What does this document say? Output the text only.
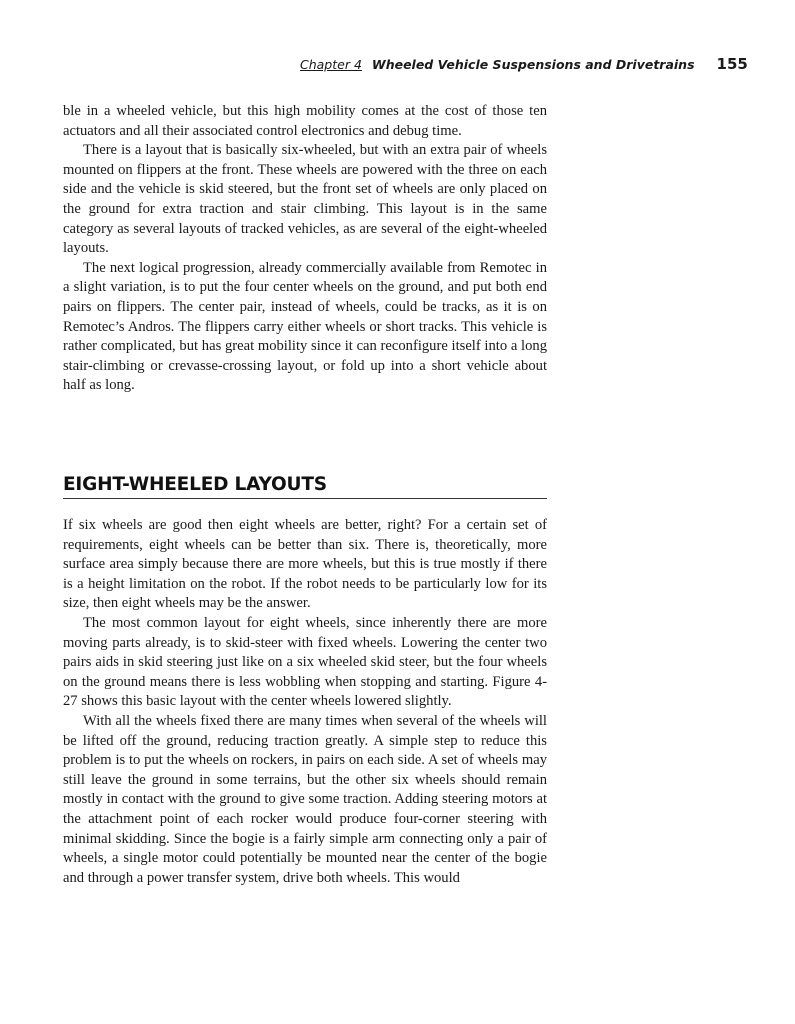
Chapter 4 Wheeled Vehicle Suspensions and Drivetrains 155

ble in a wheeled vehicle, but this high mobility comes at the cost of those ten actuators and all their associated control electronics and debug time.

There is a layout that is basically six-wheeled, but with an extra pair of wheels mounted on flippers at the front. These wheels are powered with the three on each side and the vehicle is skid steered, but the front set of wheels are only placed on the ground for extra traction and stair climbing. This layout is in the same category as several layouts of tracked vehicles, as are several of the eight-wheeled layouts.

The next logical progression, already commercially available from Remotec in a slight variation, is to put the four center wheels on the ground, and put both end pairs on flippers. The center pair, instead of wheels, could be tracks, as it is on Remotec’s Andros. The flippers carry either wheels or short tracks. This vehicle is rather complicated, but has great mobility since it can reconfigure itself into a long stair-climbing or crevasse-crossing layout, or fold up into a short vehicle about half as long.

EIGHT-WHEELED LAYOUTS

If six wheels are good then eight wheels are better, right? For a certain set of requirements, eight wheels can be better than six. There is, theoretically, more surface area simply because there are more wheels, but this is true mostly if there is a height limitation on the robot. If the robot needs to be particularly low for its size, then eight wheels may be the answer.

The most common layout for eight wheels, since inherently there are more moving parts already, is to skid-steer with fixed wheels. Lowering the center two pairs aids in skid steering just like on a six wheeled skid steer, but the four wheels on the ground means there is less wobbling when stopping and starting. Figure 4-27 shows this basic layout with the center wheels lowered slightly.

With all the wheels fixed there are many times when several of the wheels will be lifted off the ground, reducing traction greatly. A simple step to reduce this problem is to put the wheels on rockers, in pairs on each side. A set of wheels may still leave the ground in some terrains, but the other six wheels should remain mostly in contact with the ground to give some traction. Adding steering motors at the attachment point of each rocker would produce four-corner steering with minimal skidding. Since the bogie is a fairly simple arm connecting only a pair of wheels, a single motor could potentially be mounted near the center of the bogie and through a power transfer system, drive both wheels. This would
